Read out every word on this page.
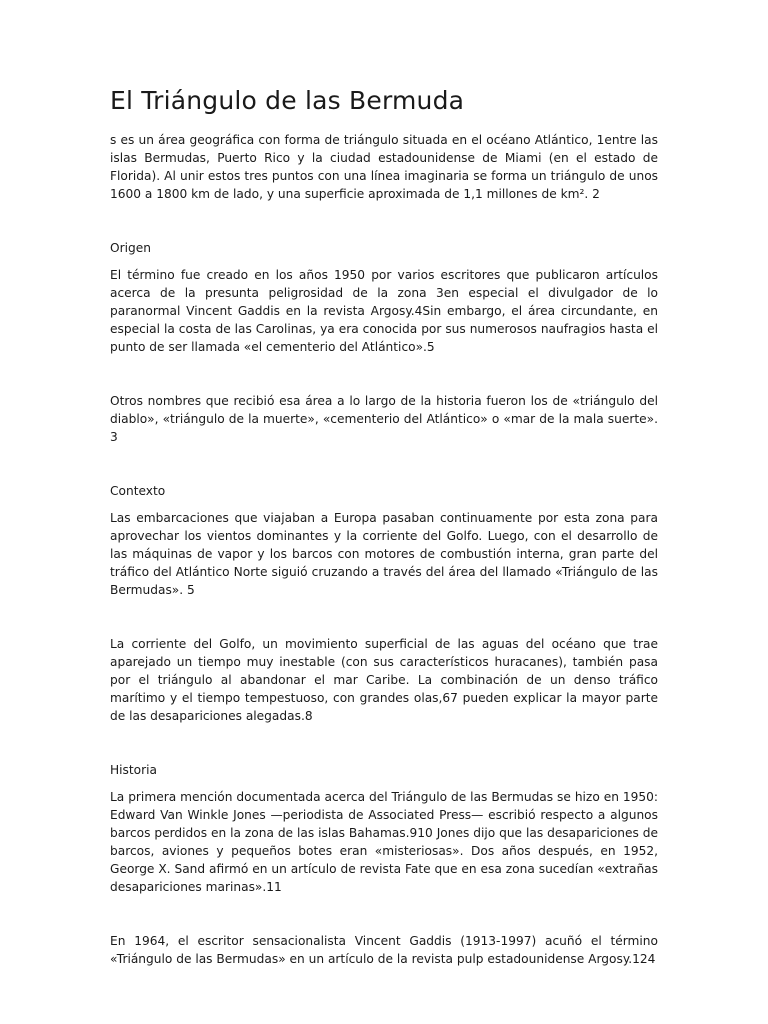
El Triángulo de las Bermuda

s es un área geográfica con forma de triángulo situada en el océano Atlántico, 1entre las islas Bermudas, Puerto Rico y la ciudad estadounidense de Miami (en el estado de Florida). Al unir estos tres puntos con una línea imaginaria se forma un triángulo de unos 1600 a 1800 km de lado, y una superficie aproximada de 1,1 millones de km². 2

Origen

El término fue creado en los años 1950 por varios escritores que publicaron artículos acerca de la presunta peligrosidad de la zona 3en especial el divulgador de lo paranormal Vincent Gaddis en la revista Argosy.4Sin embargo, el área circundante, en especial la costa de las Carolinas, ya era conocida por sus numerosos naufragios hasta el punto de ser llamada «el cementerio del Atlántico».5

Otros nombres que recibió esa área a lo largo de la historia fueron los de «triángulo del diablo», «triángulo de la muerte», «cementerio del Atlántico» o «mar de la mala suerte». 3

Contexto

Las embarcaciones que viajaban a Europa pasaban continuamente por esta zona para aprovechar los vientos dominantes y la corriente del Golfo. Luego, con el desarrollo de las máquinas de vapor y los barcos con motores de combustión interna, gran parte del tráfico del Atlántico Norte siguió cruzando a través del área del llamado «Triángulo de las Bermudas». 5

La corriente del Golfo, un movimiento superficial de las aguas del océano que trae aparejado un tiempo muy inestable (con sus característicos huracanes), también pasa por el triángulo al abandonar el mar Caribe. La combinación de un denso tráfico marítimo y el tiempo tempestuoso, con grandes olas,67 pueden explicar la mayor parte de las desapariciones alegadas.8

Historia

La primera mención documentada acerca del Triángulo de las Bermudas se hizo en 1950: Edward Van Winkle Jones —periodista de Associated Press— escribió respecto a algunos barcos perdidos en la zona de las islas Bahamas.910 Jones dijo que las desapariciones de barcos, aviones y pequeños botes eran «misteriosas». Dos años después, en 1952, George X. Sand afirmó en un artículo de revista Fate que en esa zona sucedían «extrañas desapariciones marinas».11

En 1964, el escritor sensacionalista Vincent Gaddis (1913-1997) acuñó el término «Triángulo de las Bermudas» en un artículo de la revista pulp estadounidense Argosy.124
